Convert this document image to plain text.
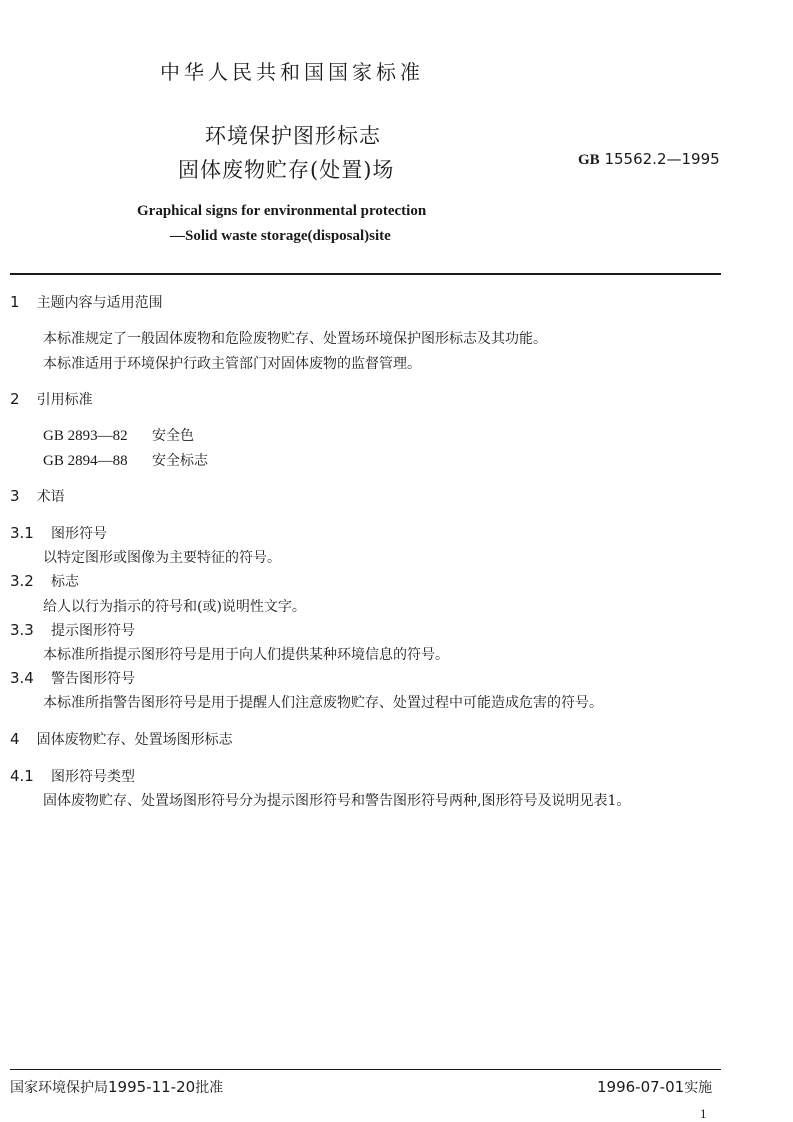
中华人民共和国国家标准
环境保护图形标志
固体废物贮存(处置)场	GB 15562.2—1995
Graphical signs for environmental protection
—Solid waste storage(disposal)site
1 主题内容与适用范围
本标准规定了一般固体废物和危险废物贮存、处置场环境保护图形标志及其功能。
本标准适用于环境保护行政主管部门对固体废物的监督管理。
2 引用标准
GB 2893—82 安全色
GB 2894—88 安全标志
3 术语
3.1 图形符号
以特定图形或图像为主要特征的符号。
3.2 标志
给人以行为指示的符号和(或)说明性文字。
3.3 提示图形符号
本标准所指提示图形符号是用于向人们提供某种环境信息的符号。
3.4 警告图形符号
本标准所指警告图形符号是用于提醒人们注意废物贮存、处置过程中可能造成危害的符号。
4 固体废物贮存、处置场图形标志
4.1 图形符号类型
固体废物贮存、处置场图形符号分为提示图形符号和警告图形符号两种,图形符号及说明见表1。
国家环境保护局1995-11-20批准	1996-07-01实施
1
